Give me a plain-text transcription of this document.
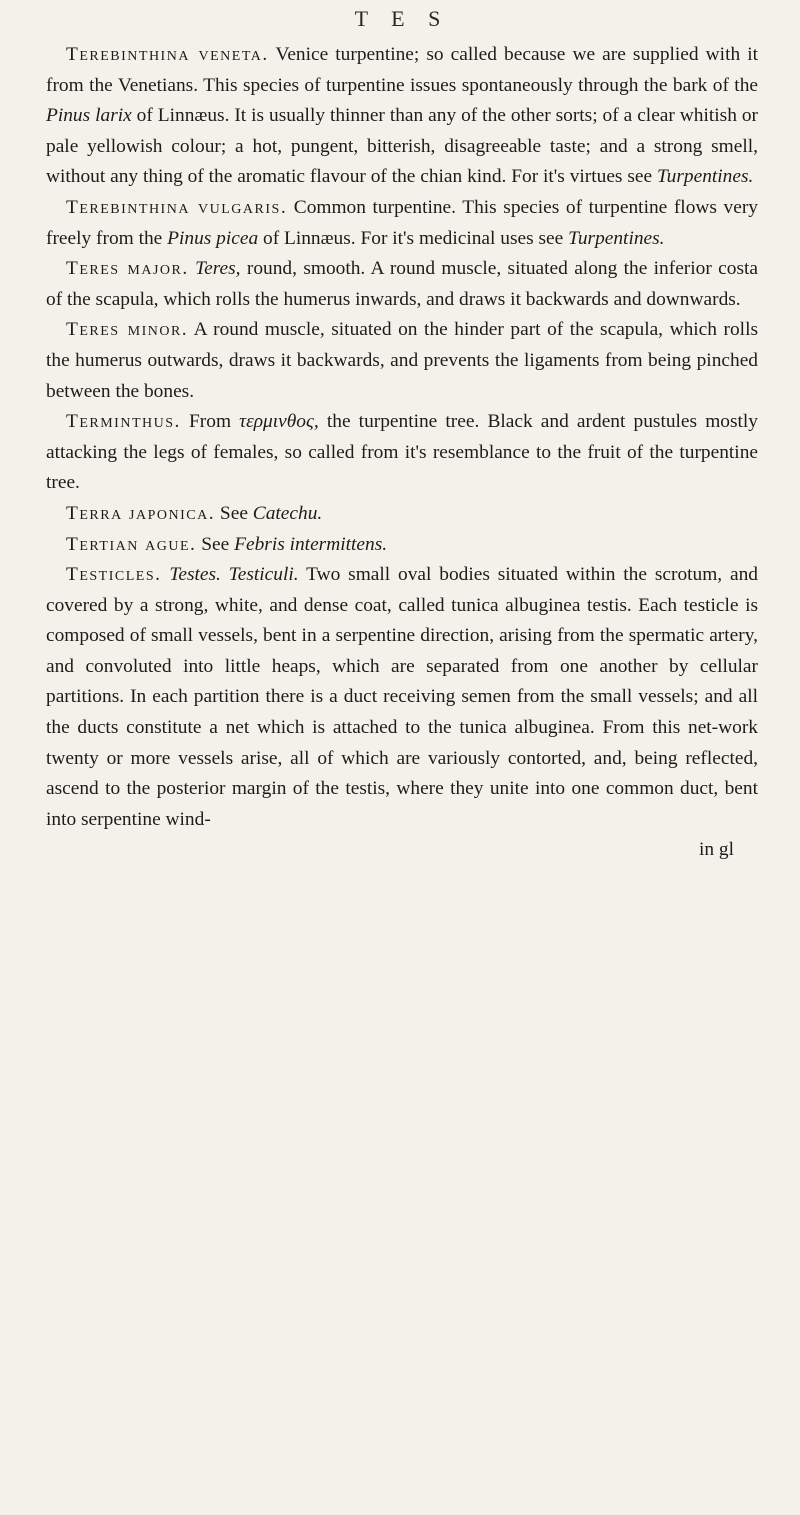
T E S

Terebinthina veneta. Venice turpentine; so called because we are supplied with it from the Venetians. This species of turpentine issues spontaneously through the bark of the Pinus larix of Linnæus. It is usually thinner than any of the other sorts; of a clear whitish or pale yellowish colour; a hot, pungent, bitterish, disagreeable taste; and a strong smell, without any thing of the aromatic flavour of the chian kind. For it's virtues see Turpentines.

Terebinthina vulgaris. Common turpentine. This species of turpentine flows very freely from the Pinus picea of Linnæus. For it's medicinal uses see Turpentines.

Teres major. Teres, round, smooth. A round muscle, situated along the inferior costa of the scapula, which rolls the humerus inwards, and draws it backwards and downwards.

Teres minor. A round muscle, situated on the hinder part of the scapula, which rolls the humerus outwards, draws it backwards, and prevents the ligaments from being pinched between the bones.

Terminthus. From τερμινθος, the turpentine tree. Black and ardent pustules mostly attacking the legs of females, so called from it's resemblance to the fruit of the turpentine tree.

Terra japonica. See Catechu.

Tertian ague. See Febris intermittens.

Testicles. Testes. Testiculi. Two small oval bodies situated within the scrotum, and covered by a strong, white, and dense coat, called tunica albuginea testis. Each testicle is composed of small vessels, bent in a serpentine direction, arising from the spermatic artery, and convoluted into little heaps, which are separated from one another by cellular partitions. In each partition there is a duct receiving semen from the small vessels; and all the ducts constitute a net which is attached to the tunica albuginea. From this net-work twenty or more vessels arise, all of which are variously contorted, and, being reflected, ascend to the posterior margin of the testis, where they unite into one common duct, bent into serpentine wind-

in gl
